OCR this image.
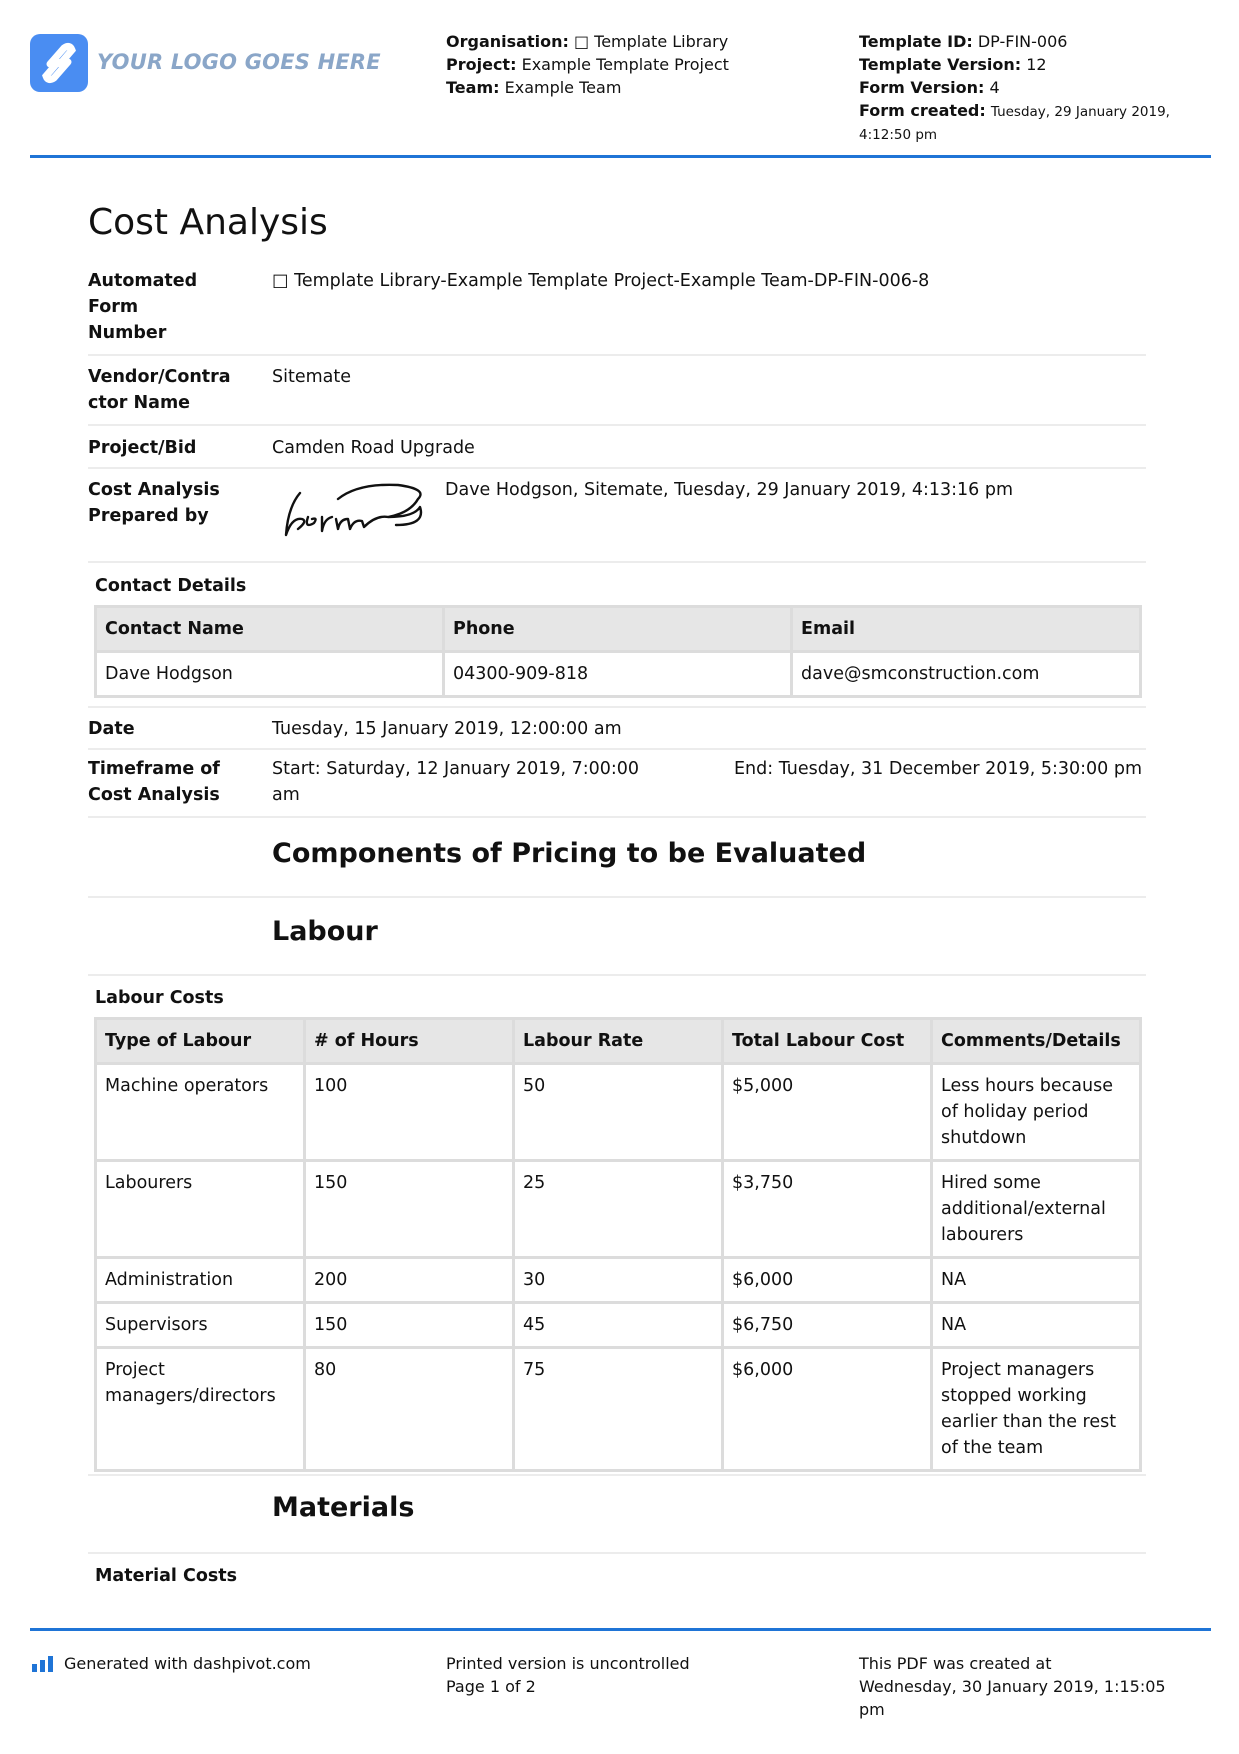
YOUR LOGO GOES HERE
Organisation: □ Template Library
Project: Example Template Project
Team: Example Team
Template ID: DP-FIN-006
Template Version: 12
Form Version: 4
Form created: Tuesday, 29 January 2019,
4:12:50 pm
Cost Analysis
Automated Form Number
□ Template Library-Example Template Project-Example Team-DP-FIN-006-8
Vendor/Contractor Name
Sitemate
Project/Bid	Camden Road Upgrade
Cost Analysis Prepared by
Dave Hodgson, Sitemate, Tuesday, 29 January 2019, 4:13:16 pm
Contact Details
Contact Name	Phone	Email
Dave Hodgson	04300-909-818	dave@smconstruction.com
Date	Tuesday, 15 January 2019, 12:00:00 am
Timeframe of Cost Analysis
Start: Saturday, 12 January 2019, 7:00:00 am
End: Tuesday, 31 December 2019, 5:30:00 pm
Components of Pricing to be Evaluated
Labour
Labour Costs
Type of Labour	# of Hours	Labour Rate	Total Labour Cost	Comments/Details
Machine operators	100	50	$5,000	Less hours because of holiday period shutdown
Labourers	150	25	$3,750	Hired some additional/external labourers
Administration	200	30	$6,000	NA
Supervisors	150	45	$6,750	NA
Project managers/directors	80	75	$6,000	Project managers stopped working earlier than the rest of the team
Materials
Material Costs
Generated with dashpivot.com	Printed version is uncontrolled
Page 1 of 2
This PDF was created at
Wednesday, 30 January 2019, 1:15:05
pm
